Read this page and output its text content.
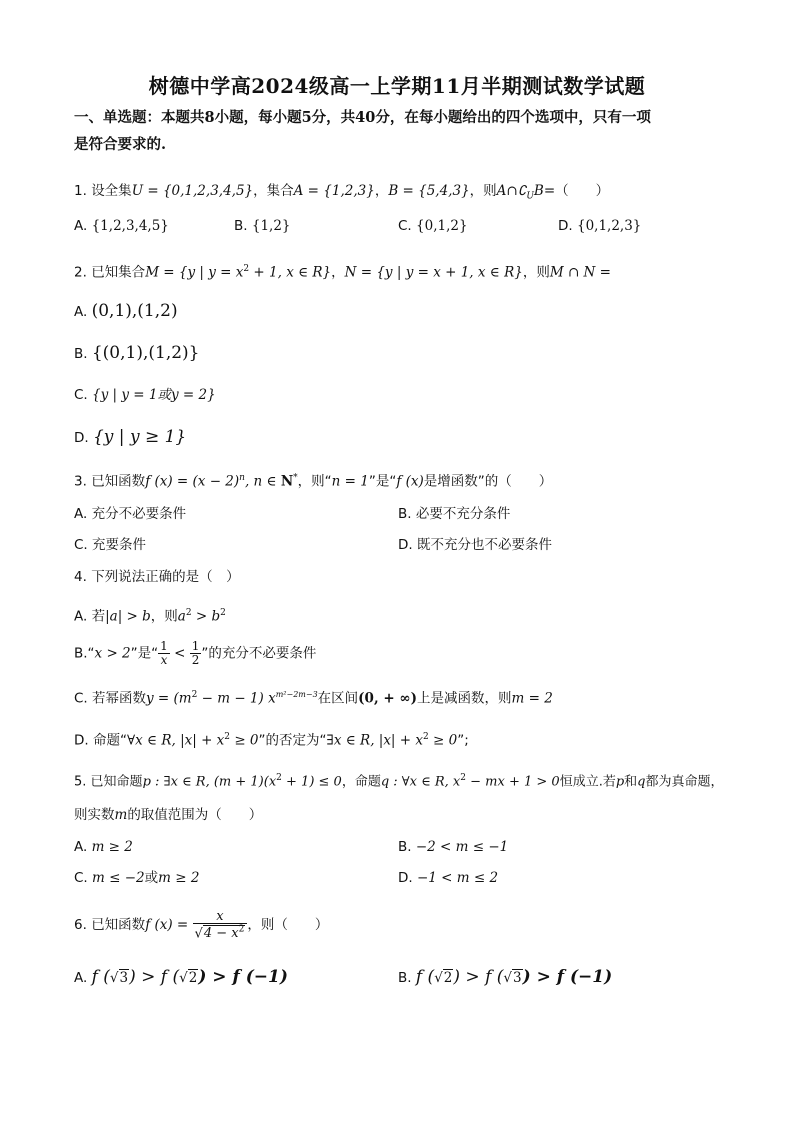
树德中学高2024级高一上学期11月半期测试数学试题
一、单选题：本题共8小题，每小题5分，共40分，在每小题给出的四个选项中，只有一项
是符合要求的.
1. 设全集U = {0,1,2,3,4,5}，集合A = {1,2,3}，B = {5,4,3}，则$A\cap∁_UB=$（　　）
A. {1,2,3,4,5}	B. {1,2}	C. {0,1,2}	D. {0,1,2,3}
2. 已知集合M = {y | $y = x^2 + 1$, x ∈ R}，N = {y | y = x + 1, x ∈ R}，则M ∩ N =
A. (0,1),(1,2)
B. {(0,1),(1,2)}
C. {y | y = 1或y = 2}
D. {y | y ≥ 1}
3. 已知函数f $(x) = (x - 2)^n$, n ∈ N*，则“n = 1”是“f (x)是增函数”的（　　）
A. 充分不必要条件	B. 必要不充分条件
C. 充要条件	D. 既不充分也不必要条件
4. 下列说法正确的是（　）
A. 若|a| > b，则$a^2 > b^2$
B.“x > 2”是“ $\frac{1}{x} < \frac{1}{2}$ ”的充分不必要条件
C. 若幂函数$y = (m^2 - m - 1)$ $x^{m^2-2m-3}$在区间(0, + ∞)上是减函数，则m = 2
D. 命题“∀x ∈ R, $|x| + x^2 \ge 0$”的否定为“∃x ∈ R, $|x| + x^2 \ge 0$”;
5. 已知命题p : ∃x ∈ R, $(m + 1)(x^2 + 1) \le 0$，命题q : ∀x ∈ R, $x^2$ − mx + 1 > 0恒成立.若p和q都为真命题，
则实数m的取值范围为（　　）
A. m ≥ 2	B. −2 < m ≤ −1
C. m ≤ −2或m ≥ 2	D. −1 < m ≤ 2
6. 已知函数f $(x) = \frac{x}{√4 - x^2}$ ，则（　　）
A. f (√3) > f (√2) > f (−1)	B. f (√2) > f (√3) > f (−1)
